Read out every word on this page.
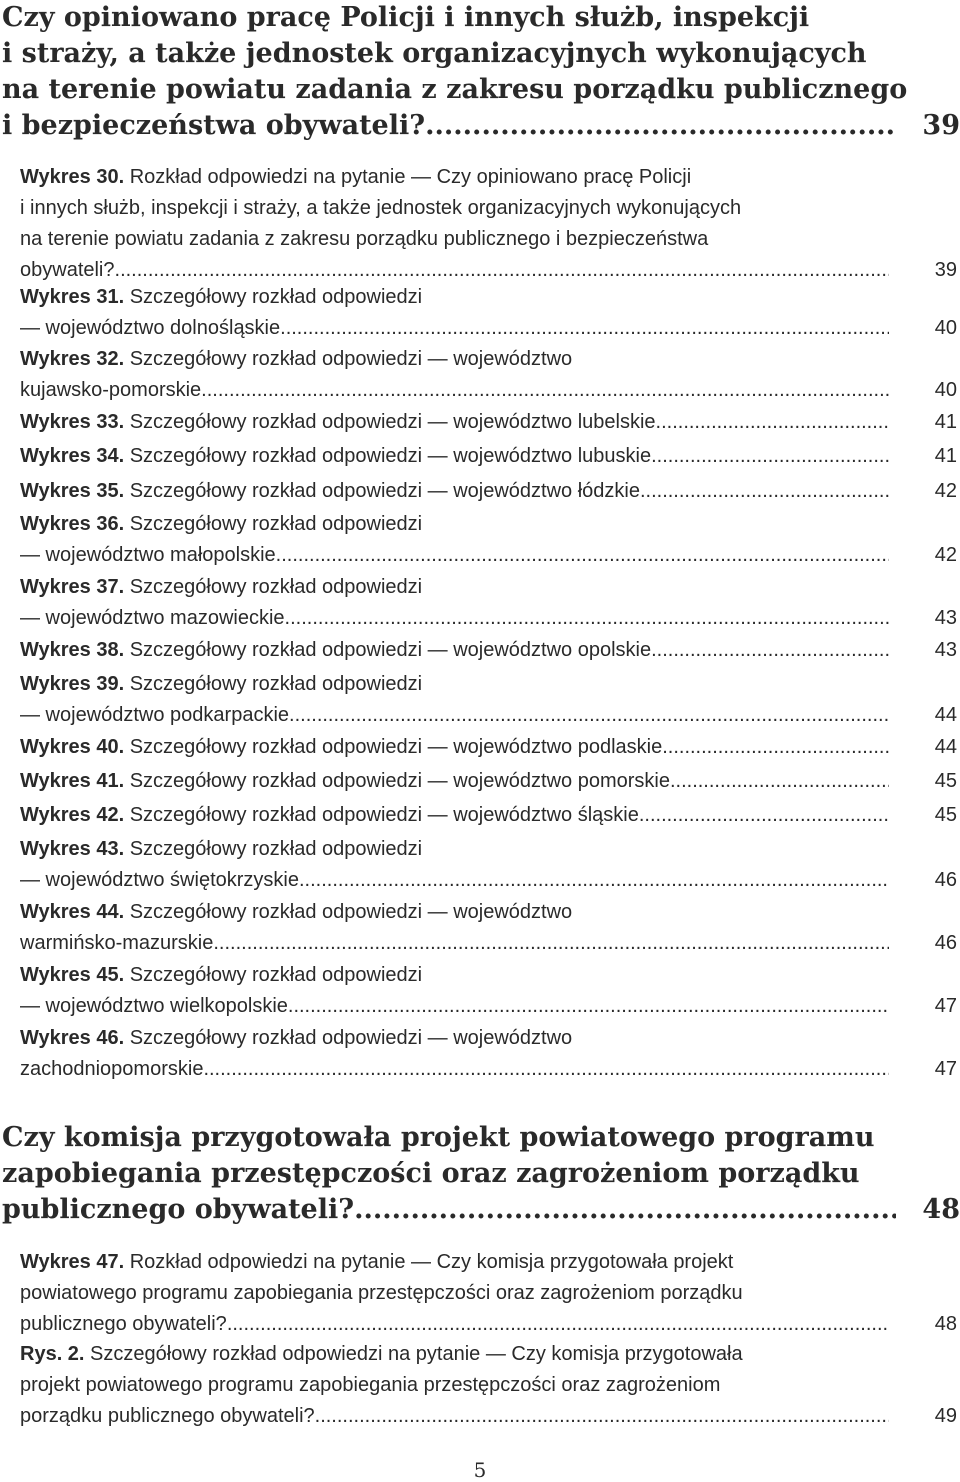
Czy opiniowano pracę Policji i innych służb, inspekcji
i straży, a także jednostek organizacyjnych wykonujących
na terenie powiatu zadania z zakresu porządku publicznego
i bezpieczeństwa obywateli? .....	39
Wykres 30. Rozkład odpowiedzi na pytanie — Czy opiniowano pracę Policji
i innych służb, inspekcji i straży, a także jednostek organizacyjnych wykonujących
na terenie powiatu zadania z zakresu porządku publicznego i bezpieczeństwa
obywateli? .....	39
Wykres 31. Szczegółowy rozkład odpowiedzi
— województwo dolnośląskie .....	40
Wykres 32. Szczegółowy rozkład odpowiedzi — województwo
kujawsko-pomorskie .....	40
Wykres 33. Szczegółowy rozkład odpowiedzi — województwo lubelskie .....	41
Wykres 34. Szczegółowy rozkład odpowiedzi — województwo lubuskie .....	41
Wykres 35. Szczegółowy rozkład odpowiedzi — województwo łódzkie .....	42
Wykres 36. Szczegółowy rozkład odpowiedzi
— województwo małopolskie .....	42
Wykres 37. Szczegółowy rozkład odpowiedzi
— województwo mazowieckie .....	43
Wykres 38. Szczegółowy rozkład odpowiedzi — województwo opolskie .....	43
Wykres 39. Szczegółowy rozkład odpowiedzi
— województwo podkarpackie .....	44
Wykres 40. Szczegółowy rozkład odpowiedzi — województwo podlaskie .....	44
Wykres 41. Szczegółowy rozkład odpowiedzi — województwo pomorskie .....	45
Wykres 42. Szczegółowy rozkład odpowiedzi — województwo śląskie .....	45
Wykres 43. Szczegółowy rozkład odpowiedzi
— województwo świętokrzyskie .....	46
Wykres 44. Szczegółowy rozkład odpowiedzi — województwo
warmińsko-mazurskie .....	46
Wykres 45. Szczegółowy rozkład odpowiedzi
— województwo wielkopolskie .....	47
Wykres 46. Szczegółowy rozkład odpowiedzi — województwo
zachodniopomorskie .....	47
Czy komisja przygotowała projekt powiatowego programu
zapobiegania przestępczości oraz zagrożeniom porządku
publicznego obywateli? .....	48
Wykres 47. Rozkład odpowiedzi na pytanie — Czy komisja przygotowała projekt
powiatowego programu zapobiegania przestępczości oraz zagrożeniom porządku
publicznego obywateli? .....	48
Rys. 2. Szczegółowy rozkład odpowiedzi na pytanie — Czy komisja przygotowała
projekt powiatowego programu zapobiegania przestępczości oraz zagrożeniom
porządku publicznego obywateli? .....	49
5
